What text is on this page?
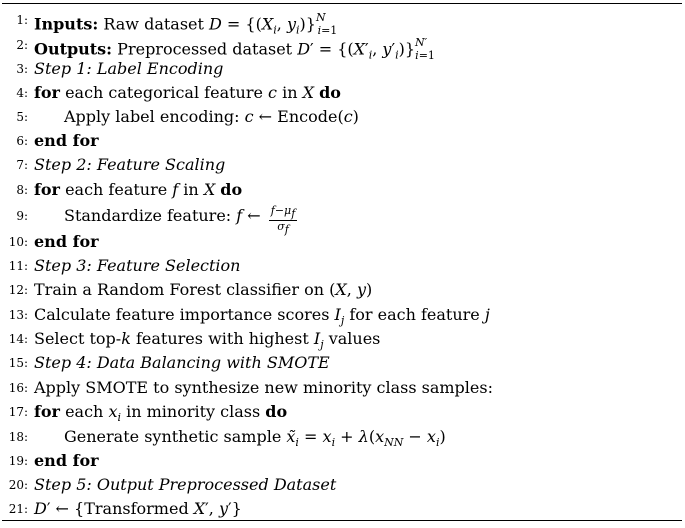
1: Inputs: Raw dataset $D = \{(X_i$, $y_i)\}^N_{i=1}$
2: Outputs: Preprocessed dataset $D' = \{(X'_i$, $y'_i)\}^{N'}_{i=1}$
3: Step 1: Label Encoding
4: for each categorical feature c in X do
5: Apply label encoding: c ← Encode(c)
6: end for
7: Step 2: Feature Scaling
8: for each feature f in X do
9: Standardize feature: f ← $\frac{f-\mu_f}{\sigma_f}$
10: end for
11: Step 3: Feature Selection
12: Train a Random Forest classifier on (X, y)
13: Calculate feature importance scores $I_j$ for each feature j
14: Select top-k features with highest $I_j$ values
15: Step 4: Data Balancing with SMOTE
16: Apply SMOTE to synthesize new minority class samples:
17: for each $x_i$ in minority class do
18: Generate synthetic sample $x̃_i = x_i + \lambda(x_{NN} - x_i)$
19: end for
20: Step 5: Output Preprocessed Dataset
21: D′ ← {Transformed X′, y′}
